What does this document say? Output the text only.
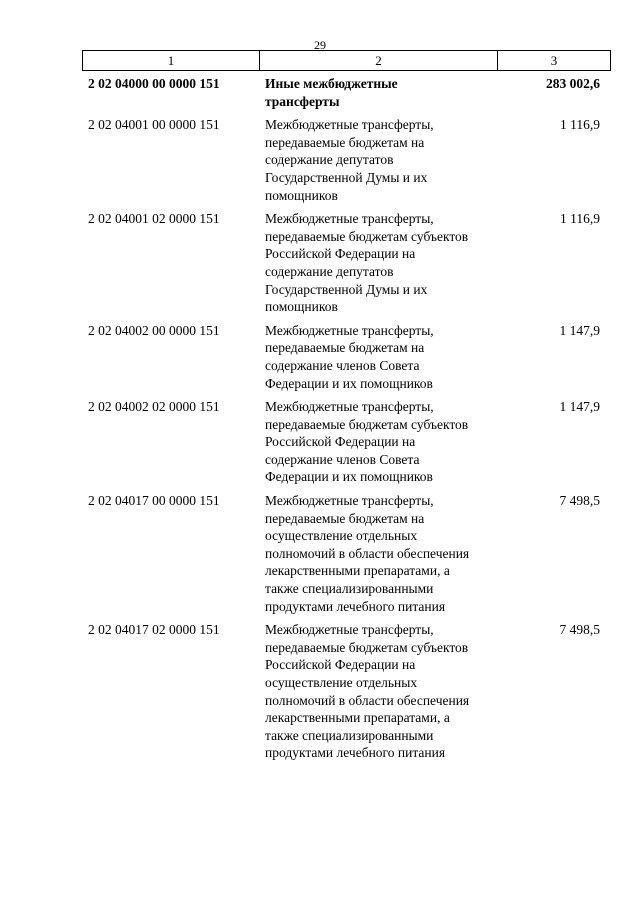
29
1	2	3
2 02 04000 00 0000 151	Иные межбюджетные
трансферты
283 002,6
2 02 04001 00 0000 151	Межбюджетные трансферты,
передаваемые бюджетам на
содержание депутатов
Государственной Думы и их
помощников
1 116,9
2 02 04001 02 0000 151	Межбюджетные трансферты,
передаваемые бюджетам субъектов
Российской Федерации на
содержание депутатов
Государственной Думы и их
помощников
1 116,9
2 02 04002 00 0000 151	Межбюджетные трансферты,
передаваемые бюджетам на
содержание членов Совета
Федерации и их помощников
1 147,9
2 02 04002 02 0000 151	Межбюджетные трансферты,
передаваемые бюджетам субъектов
Российской Федерации на
содержание членов Совета
Федерации и их помощников
1 147,9
2 02 04017 00 0000 151	Межбюджетные трансферты,
передаваемые бюджетам на
осуществление отдельных
полномочий в области обеспечения
лекарственными препаратами, а
также специализированными
продуктами лечебного питания
7 498,5
2 02 04017 02 0000 151	Межбюджетные трансферты,
передаваемые бюджетам субъектов
Российской Федерации на
осуществление отдельных
полномочий в области обеспечения
лекарственными препаратами, а
также специализированными
продуктами лечебного питания
7 498,5
